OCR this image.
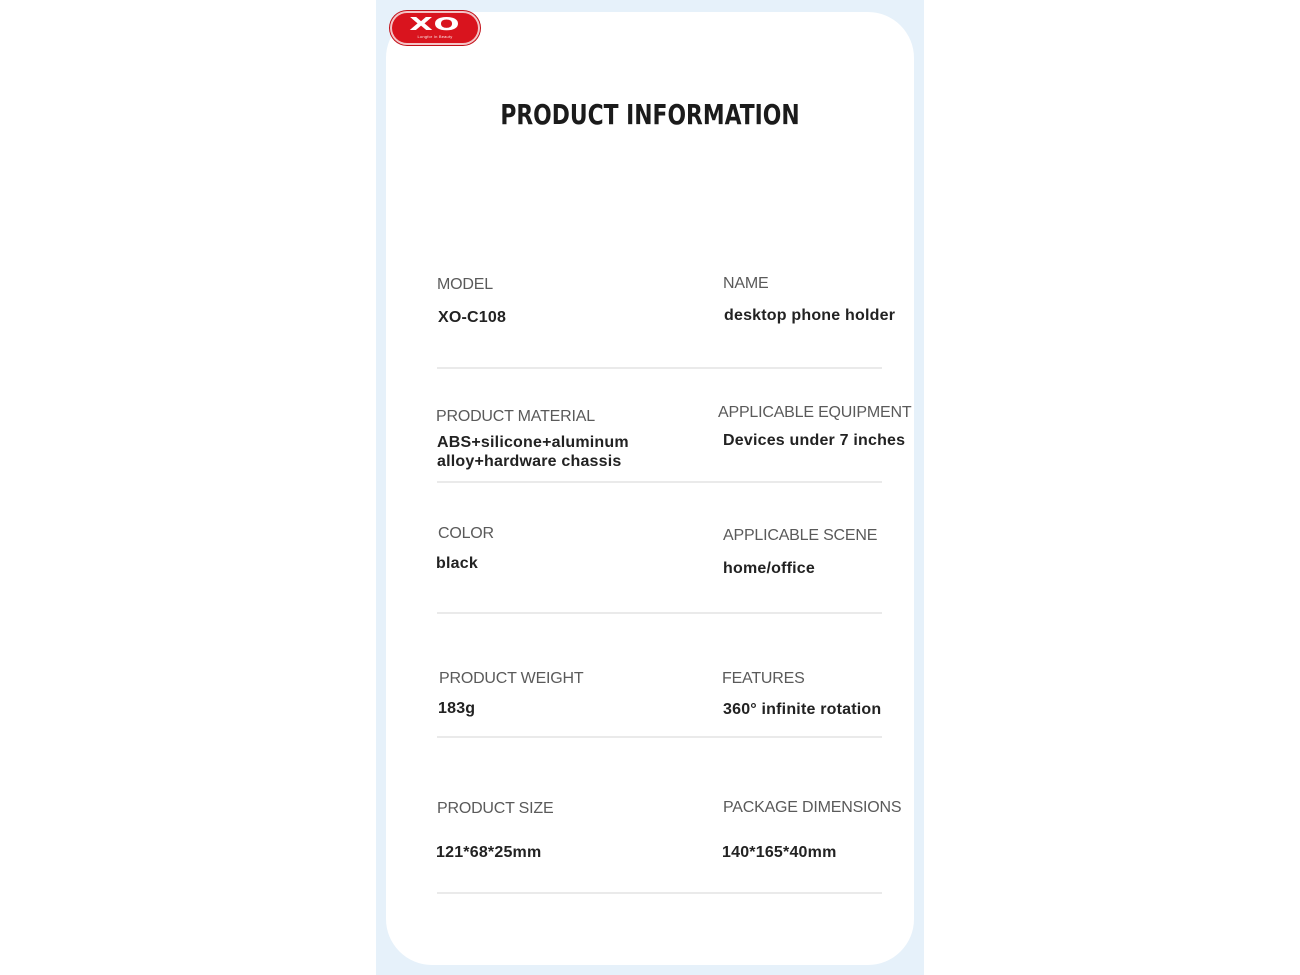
XO
Longfor In Beauty
PRODUCT INFORMATION
MODEL
XO-C108
NAME
desktop phone holder
PRODUCT MATERIAL
ABS+silicone+aluminum
alloy+hardware chassis
APPLICABLE EQUIPMENT
Devices under 7 inches
COLOR
black
APPLICABLE SCENE
home/office
PRODUCT WEIGHT
183g
FEATURES
360° infinite rotation
PRODUCT SIZE
121*68*25mm
PACKAGE DIMENSIONS
140*165*40mm
